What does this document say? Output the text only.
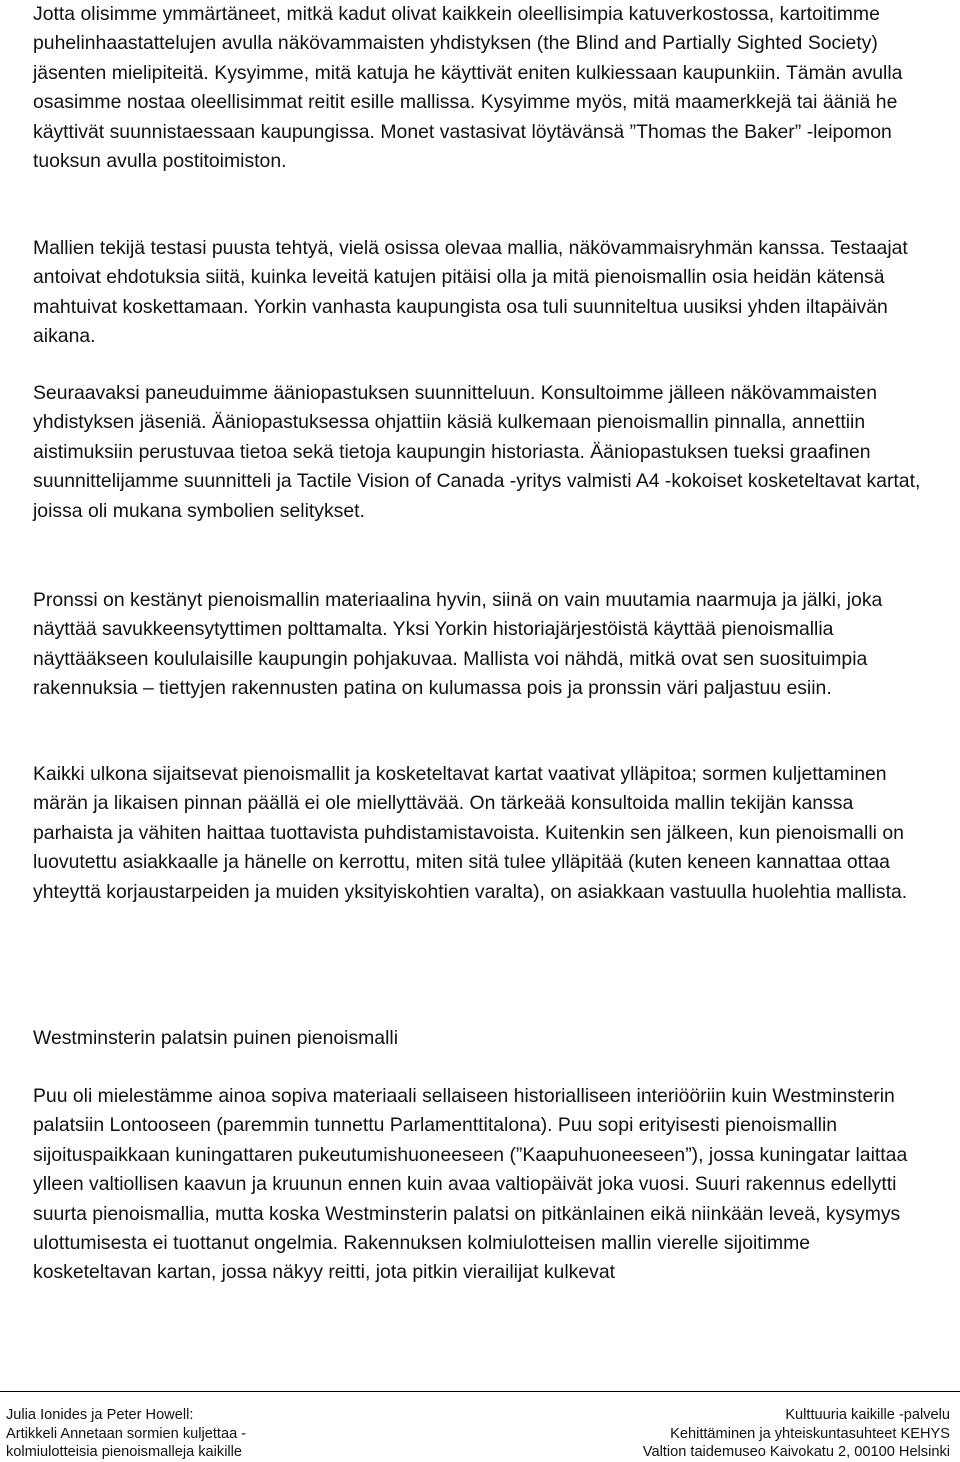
Jotta olisimme ymmärtäneet, mitkä kadut olivat kaikkein oleellisimpia katuverkostossa, kartoitimme puhelinhaastattelujen avulla näkövammaisten yhdistyksen (the Blind and Partially Sighted Society) jäsenten mielipiteitä. Kysyimme, mitä katuja he käyttivät eniten kulkiessaan kaupunkiin. Tämän avulla osasimme nostaa oleellisimmat reitit esille mallissa. Kysyimme myös, mitä maamerkkejä tai ääniä he käyttivät suunnistaessaan kaupungissa. Monet vastasivat löytävänsä ”Thomas the Baker” -leipomon tuoksun avulla postitoimiston.

Mallien tekijä testasi puusta tehtyä, vielä osissa olevaa mallia, näkövammaisryhmän kanssa. Testaajat antoivat ehdotuksia siitä, kuinka leveitä katujen pitäisi olla ja mitä pienoismallin osia heidän kätensä mahtuivat koskettamaan. Yorkin vanhasta kaupungista osa tuli suunniteltua uusiksi yhden iltapäivän aikana.

Seuraavaksi paneuduimme ääniopastuksen suunnitteluun. Konsultoimme jälleen näkövammaisten yhdistyksen jäseniä. Ääniopastuksessa ohjattiin käsiä kulkemaan pienoismallin pinnalla, annettiin aistimuksiin perustuvaa tietoa sekä tietoja kaupungin historiasta. Ääniopastuksen tueksi graafinen suunnittelijamme suunnitteli ja Tactile Vision of Canada -yritys valmisti A4 -kokoiset kosketeltavat kartat, joissa oli mukana symbolien selitykset.

Pronssi on kestänyt pienoismallin materiaalina hyvin, siinä on vain muutamia naarmuja ja jälki, joka näyttää savukkeensytyttimen polttamalta. Yksi Yorkin historiajärjestöistä käyttää pienoismallia näyttääkseen koululaisille kaupungin pohjakuvaa. Mallista voi nähdä, mitkä ovat sen suosituimpia rakennuksia – tiettyjen rakennusten patina on kulumassa pois ja pronssin väri paljastuu esiin.

Kaikki ulkona sijaitsevat pienoismallit ja kosketeltavat kartat vaativat ylläpitoa; sormen kuljettaminen märän ja likaisen pinnan päällä ei ole miellyttävää. On tärkeää konsultoida mallin tekijän kanssa parhaista ja vähiten haittaa tuottavista puhdistamistavoista. Kuitenkin sen jälkeen, kun pienoismalli on luovutettu asiakkaalle ja hänelle on kerrottu, miten sitä tulee ylläpitää (kuten keneen kannattaa ottaa yhteyttä korjaustarpeiden ja muiden yksityiskohtien varalta), on asiakkaan vastuulla huolehtia mallista.

Westminsterin palatsin puinen pienoismalli

Puu oli mielestämme ainoa sopiva materiaali sellaiseen historialliseen interiööriin kuin Westminsterin palatsiin Lontooseen (paremmin tunnettu Parlamenttitalona). Puu sopi erityisesti pienoismallin sijoituspaikkaan kuningattaren pukeutumishuoneeseen (”Kaapuhuoneeseen”), jossa kuningatar laittaa ylleen valtiollisen kaavun ja kruunun ennen kuin avaa valtiopäivät joka vuosi. Suuri rakennus edellytti suurta pienoismallia, mutta koska Westminsterin palatsi on pitkänlainen eikä niinkään leveä, kysymys ulottumisesta ei tuottanut ongelmia. Rakennuksen kolmiulotteisen mallin vierelle sijoitimme kosketeltavan kartan, jossa näkyy reitti, jota pitkin vierailijat kulkevat

Julia Ionides ja Peter Howell:
Artikkeli Annetaan sormien kuljettaa -
kolmiulotteisia pienoismalleja kaikille
Kulttuuria kaikille -palvelu
Kehittäminen ja yhteiskuntasuhteet KEHYS
Valtion taidemuseo Kaivokatu 2, 00100 Helsinki
